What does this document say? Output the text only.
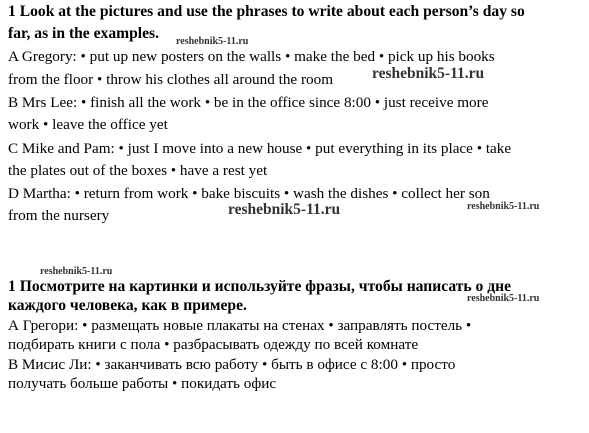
1 Look at the pictures and use the phrases to write about each person’s day so
far, as in the examples. reshebnik5-11.ru
A Gregory: • put up new posters on the walls • make the bed • pick up his books
from the floor • throw his clothes all around the room	reshebnik5-11.ru
B Mrs Lee: • finish all the work • be in the office since 8:00 • just receive more
work • leave the office yet
C Mike and Pam: • just I move into a new house • put everything in its place • take
the plates out of the boxes • have a rest yet
D Martha: • return from work • bake biscuits • wash the dishes • collect her son
from the nursery	reshebnik5-11.ru	reshebnik5-11.ru
reshebnik5-11.ru
1 Посмотрите на картинки и используйте фразы, чтобы написать о дне
каждого человека, как в примере.	reshebnik5-11.ru
А Грегори: • размещать новые плакаты на стенах • заправлять постель •
подбирать книги с пола • разбрасывать одежду по всей комнате
В Мисис Ли: • заканчивать всю работу • быть в офисе с 8:00 • просто
получать больше работы • покидать офис
